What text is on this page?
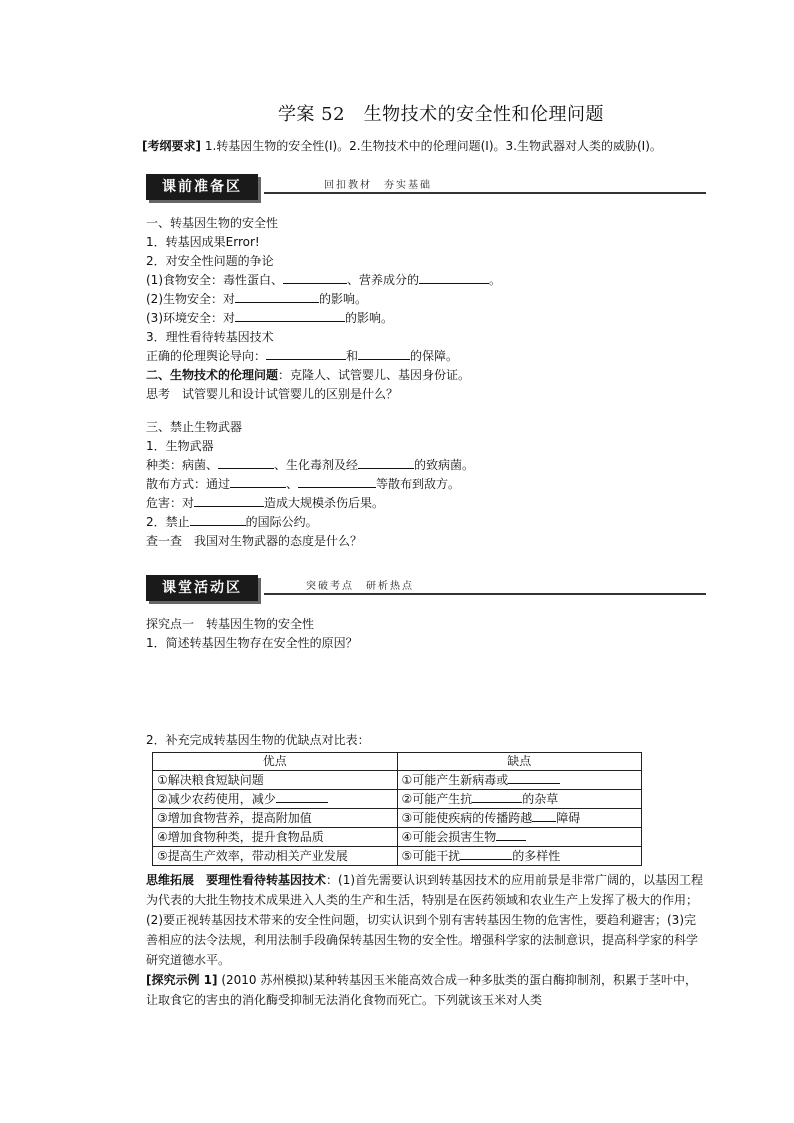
学案 52　生物技术的安全性和伦理问题
[考纲要求] 1.转基因生物的安全性(Ⅰ)。2.生物技术中的伦理问题(Ⅰ)。3.生物武器对人类的威胁(Ⅰ)。
课前准备区	回扣教材　夯实基础
一、转基因生物的安全性
1．转基因成果Error!
2．对安全性问题的争论
(1)食物安全：毒性蛋白、	、营养成分的	。
(2)生物安全：对	的影响。
(3)环境安全：对	的影响。
3．理性看待转基因技术
正确的伦理舆论导向：	和	的保障。
二、生物技术的伦理问题：克隆人、试管婴儿、基因身份证。
思考　试管婴儿和设计试管婴儿的区别是什么？
三、禁止生物武器
1．生物武器
种类：病菌、	、生化毒剂及经	的致病菌。
散布方式：通过	、	等散布到敌方。
危害：对	造成大规模杀伤后果。
2．禁止	的国际公约。
查一查　我国对生物武器的态度是什么？
课堂活动区	突破考点　研析热点
探究点一　转基因生物的安全性
1．简述转基因生物存在安全性的原因？
2．补充完成转基因生物的优缺点对比表：
优点	缺点
①解决粮食短缺问题	①可能产生新病毒或
②减少农药使用，减少	②可能产生抗 的杂草
③增加食物营养，提高附加值	③可能使疾病的传播跨越 障碍
④增加食物种类，提升食物品质	④可能会损害生物
⑤提高生产效率，带动相关产业发展	⑤可能干扰 的多样性
思维拓展　要理性看待转基因技术：(1)首先需要认识到转基因技术的应用前景是非常广阔的，以基因工程为代表的大批生物技术成果进入人类的生产和生活，特别是在医药领域和农业生产上发挥了极大的作用；(2)要正视转基因技术带来的安全性问题，切实认识到个别有害转基因生物的危害性，要趋利避害；(3)完善相应的法令法规，利用法制手段确保转基因生物的安全性。增强科学家的法制意识，提高科学家的科学研究道德水平。
[探究示例 1] (2010 苏州模拟)某种转基因玉米能高效合成一种多肽类的蛋白酶抑制剂，积累于茎叶中，让取食它的害虫的消化酶受抑制无法消化食物而死亡。下列就该玉米对人类
